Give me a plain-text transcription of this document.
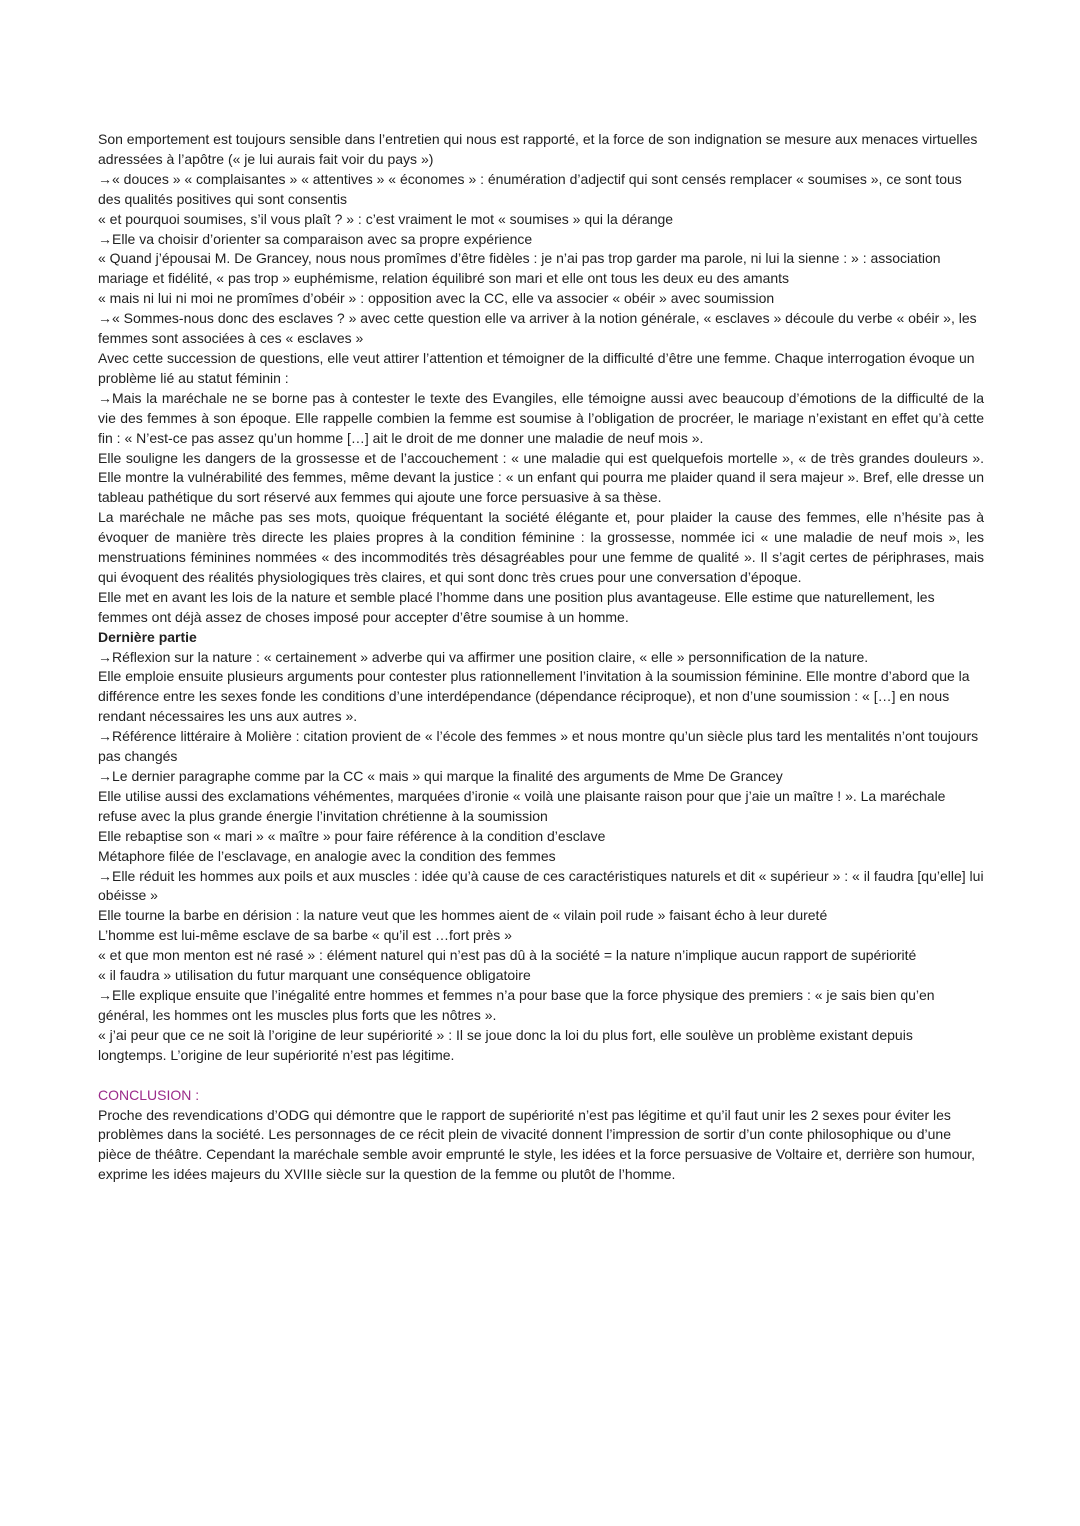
Son emportement est toujours sensible dans l’entretien qui nous est rapporté, et la force de son indignation se mesure aux menaces virtuelles adressées à l’apôtre (« je lui aurais fait voir du pays »)

→« douces » « complaisantes » « attentives » « économes » : énumération d’adjectif qui sont censés remplacer « soumises », ce sont tous des qualités positives qui sont consentis

« et pourquoi soumises, s’il vous plaît ? » : c’est vraiment le mot « soumises » qui la dérange

→Elle va choisir d’orienter sa comparaison avec sa propre expérience

« Quand j’épousai M. De Grancey, nous nous promîmes d’être fidèles : je n’ai pas trop garder ma parole, ni lui la sienne : » : association mariage et fidélité, « pas trop » euphémisme, relation équilibré son mari et elle ont tous les deux eu des amants

« mais ni lui ni moi ne promîmes d’obéir » : opposition avec la CC, elle va associer « obéir » avec soumission

→« Sommes-nous donc des esclaves ? » avec cette question elle va arriver à la notion générale, « esclaves » découle du verbe « obéir », les femmes sont associées à ces « esclaves »

Avec cette succession de questions, elle veut attirer l’attention et témoigner de la difficulté d’être une femme. Chaque interrogation évoque un problème lié au statut féminin :

→Mais la maréchale ne se borne pas à contester le texte des Evangiles, elle témoigne aussi avec beaucoup d’émotions de la difficulté de la vie des femmes à son époque. Elle rappelle combien la femme est soumise à l’obligation de procréer, le mariage n’existant en effet qu’à cette fin : « N’est-ce pas assez qu’un homme […] ait le droit de me donner une maladie de neuf mois ».

Elle souligne les dangers de la grossesse et de l’accouchement : « une maladie qui est quelquefois mortelle », « de très grandes douleurs ». Elle montre la vulnérabilité des femmes, même devant la justice : « un enfant qui pourra me plaider quand il sera majeur ». Bref, elle dresse un tableau pathétique du sort réservé aux femmes qui ajoute une force persuasive à sa thèse.

La maréchale ne mâche pas ses mots, quoique fréquentant la société élégante et, pour plaider la cause des femmes, elle n’hésite pas à évoquer de manière très directe les plaies propres à la condition féminine : la grossesse, nommée ici « une maladie de neuf mois », les menstruations féminines nommées « des incommodités très désagréables pour une femme de qualité ». Il s’agit certes de périphrases, mais qui évoquent des réalités physiologiques très claires, et qui sont donc très crues pour une conversation d’époque.

Elle met en avant les lois de la nature et semble placé l’homme dans une position plus avantageuse. Elle estime que naturellement, les femmes ont déjà assez de choses imposé pour accepter d’être soumise à un homme.

Dernière partie

→Réflexion sur la nature : « certainement » adverbe qui va affirmer une position claire, « elle » personnification de la nature.

Elle emploie ensuite plusieurs arguments pour contester plus rationnellement l’invitation à la soumission féminine. Elle montre d’abord que la différence entre les sexes fonde les conditions d’une interdépendance (dépendance réciproque), et non d’une soumission : « […] en nous rendant nécessaires les uns aux autres ».

→Référence littéraire à Molière : citation provient de « l’école des femmes » et nous montre qu’un siècle plus tard les mentalités n’ont toujours pas changés

→Le dernier paragraphe comme par la CC « mais » qui marque la finalité des arguments de Mme De Grancey

Elle utilise aussi des exclamations véhémentes, marquées d’ironie « voilà une plaisante raison pour que j’aie un maître ! ». La maréchale refuse avec la plus grande énergie l’invitation chrétienne à la soumission

Elle rebaptise son « mari » « maître » pour faire référence à la condition d’esclave

Métaphore filée de l’esclavage, en analogie avec la condition des femmes

→Elle réduit les hommes aux poils et aux muscles : idée qu’à cause de ces caractéristiques naturels et dit « supérieur » : « il faudra [qu’elle] lui obéisse »

Elle tourne la barbe en dérision : la nature veut que les hommes aient de « vilain poil rude » faisant écho à leur dureté

L’homme est lui-même esclave de sa barbe « qu’il est …fort près »

« et que mon menton est né rasé » : élément naturel qui n’est pas dû à la société = la nature n’implique aucun rapport de supériorité

« il faudra » utilisation du futur marquant une conséquence obligatoire

→Elle explique ensuite que l’inégalité entre hommes et femmes n’a pour base que la force physique des premiers : « je sais bien qu’en général, les hommes ont les muscles plus forts que les nôtres ».

« j’ai peur que ce ne soit là l’origine de leur supériorité » : Il se joue donc la loi du plus fort, elle soulève un problème existant depuis longtemps. L’origine de leur supériorité n’est pas légitime.

CONCLUSION :

Proche des revendications d’ODG qui démontre que le rapport de supériorité n’est pas légitime et qu’il faut unir les 2 sexes pour éviter les problèmes dans la société. Les personnages de ce récit plein de vivacité donnent l’impression de sortir d’un conte philosophique ou d’une pièce de théâtre. Cependant la maréchale semble avoir emprunté le style, les idées et la force persuasive de Voltaire et, derrière son humour, exprime les idées majeurs du XVIIIe siècle sur la question de la femme ou plutôt de l’homme.
